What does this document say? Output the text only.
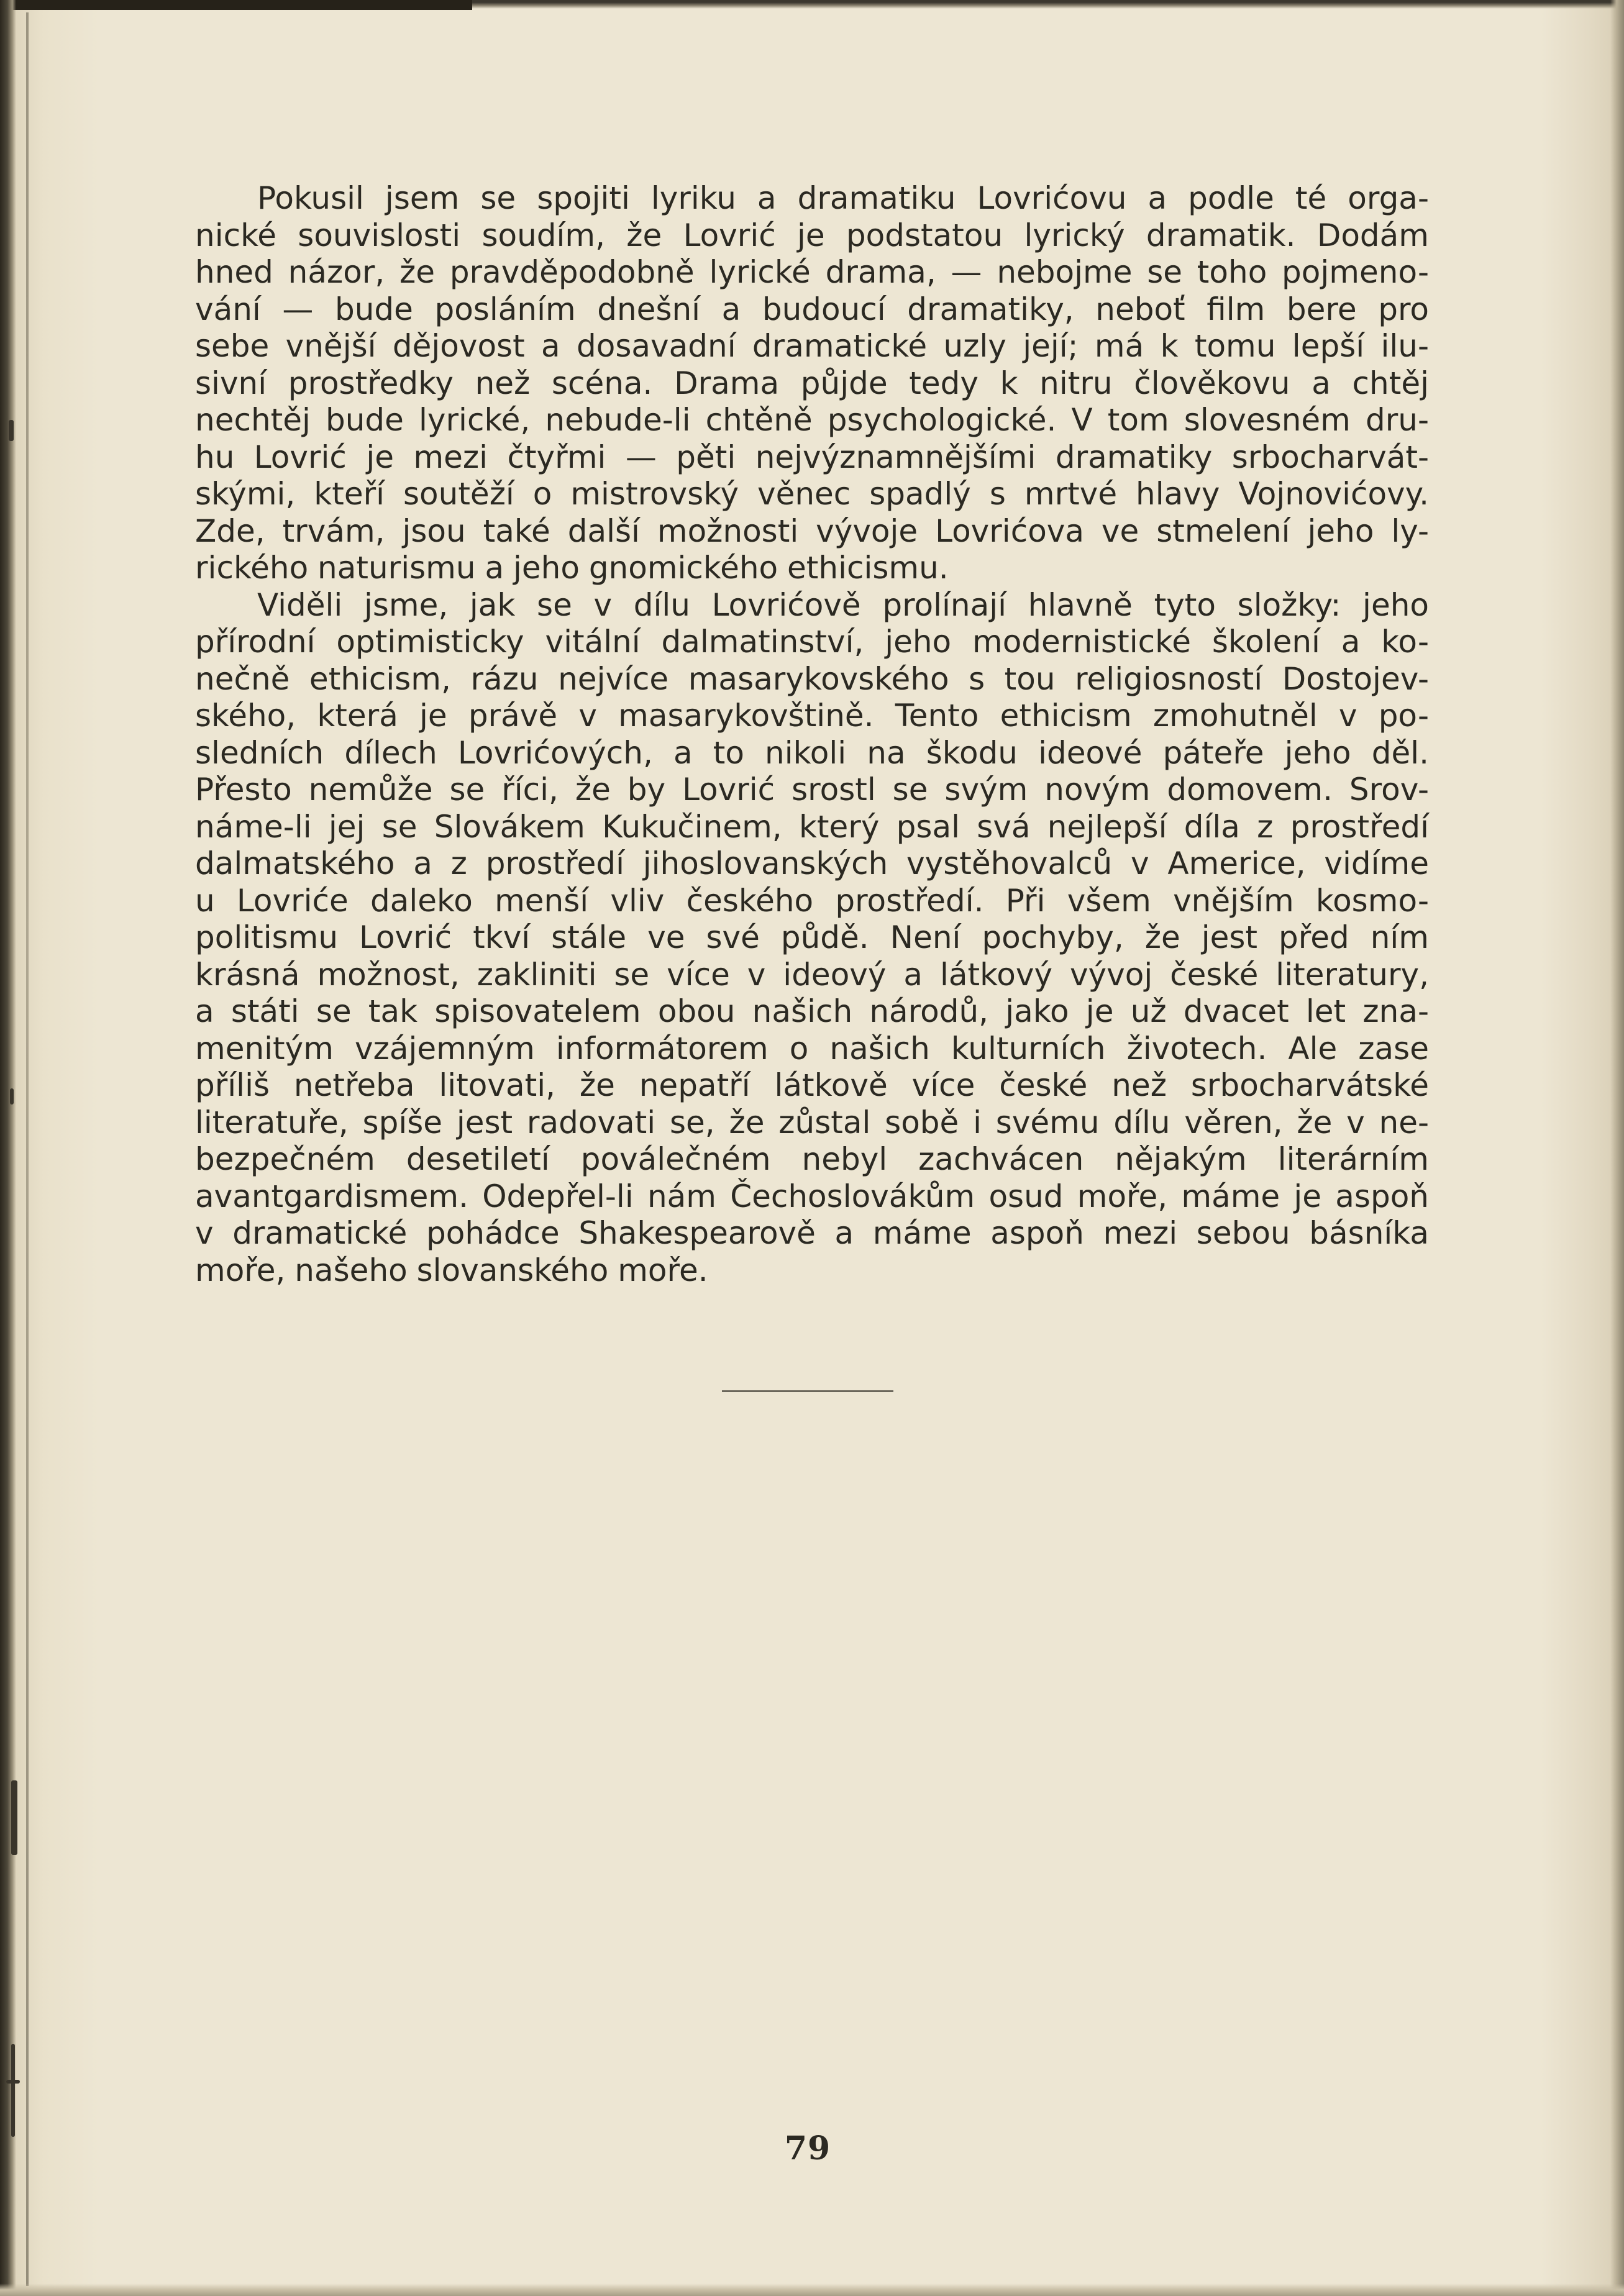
Pokusil jsem se spojiti lyriku a dramatiku Lovrićovu a podle té orga-
nické souvislosti soudím, že Lovrić je podstatou lyrický dramatik. Dodám
hned názor, že pravděpodobně lyrické drama, — nebojme se toho pojmeno-
vání — bude posláním dnešní a budoucí dramatiky, neboť film bere pro
sebe vnější dějovost a dosavadní dramatické uzly její; má k tomu lepší ilu-
sivní prostředky než scéna. Drama půjde tedy k nitru člověkovu a chtěj
nechtěj bude lyrické, nebude-li chtěně psychologické. V tom slovesném dru-
hu Lovrić je mezi čtyřmi — pěti nejvýznamnějšími dramatiky srbocharvát-
skými, kteří soutěží o mistrovský věnec spadlý s mrtvé hlavy Vojnovićovy.
Zde, trvám, jsou také další možnosti vývoje Lovrićova ve stmelení jeho ly-
rického naturismu a jeho gnomického ethicismu.

Viděli jsme, jak se v dílu Lovrićově prolínají hlavně tyto složky: jeho
přírodní optimisticky vitální dalmatinství, jeho modernistické školení a ko-
nečně ethicism, rázu nejvíce masarykovského s tou religiosností Dostojev-
ského, která je právě v masarykovštině. Tento ethicism zmohutněl v po-
sledních dílech Lovrićových, a to nikoli na škodu ideové páteře jeho děl.
Přesto nemůže se říci, že by Lovrić srostl se svým novým domovem. Srov-
náme-li jej se Slovákem Kukučinem, který psal svá nejlepší díla z prostředí
dalmatského a z prostředí jihoslovanských vystěhovalců v Americe, vidíme
u Lovriće daleko menší vliv českého prostředí. Při všem vnějším kosmo-
politismu Lovrić tkví stále ve své půdě. Není pochyby, že jest před ním
krásná možnost, zakliniti se více v ideový a látkový vývoj české literatury,
a státi se tak spisovatelem obou našich národů, jako je už dvacet let zna-
menitým vzájemným informátorem o našich kulturních životech. Ale zase
příliš netřeba litovati, že nepatří látkově více české než srbocharvátské
literatuře, spíše jest radovati se, že zůstal sobě i svému dílu věren, že v ne-
bezpečném desetiletí poválečném nebyl zachvácen nějakým literárním
avantgardismem. Odepřel-li nám Čechoslovákům osud moře, máme je aspoň
v dramatické pohádce Shakespearově a máme aspoň mezi sebou básníka
moře, našeho slovanského moře.

79
